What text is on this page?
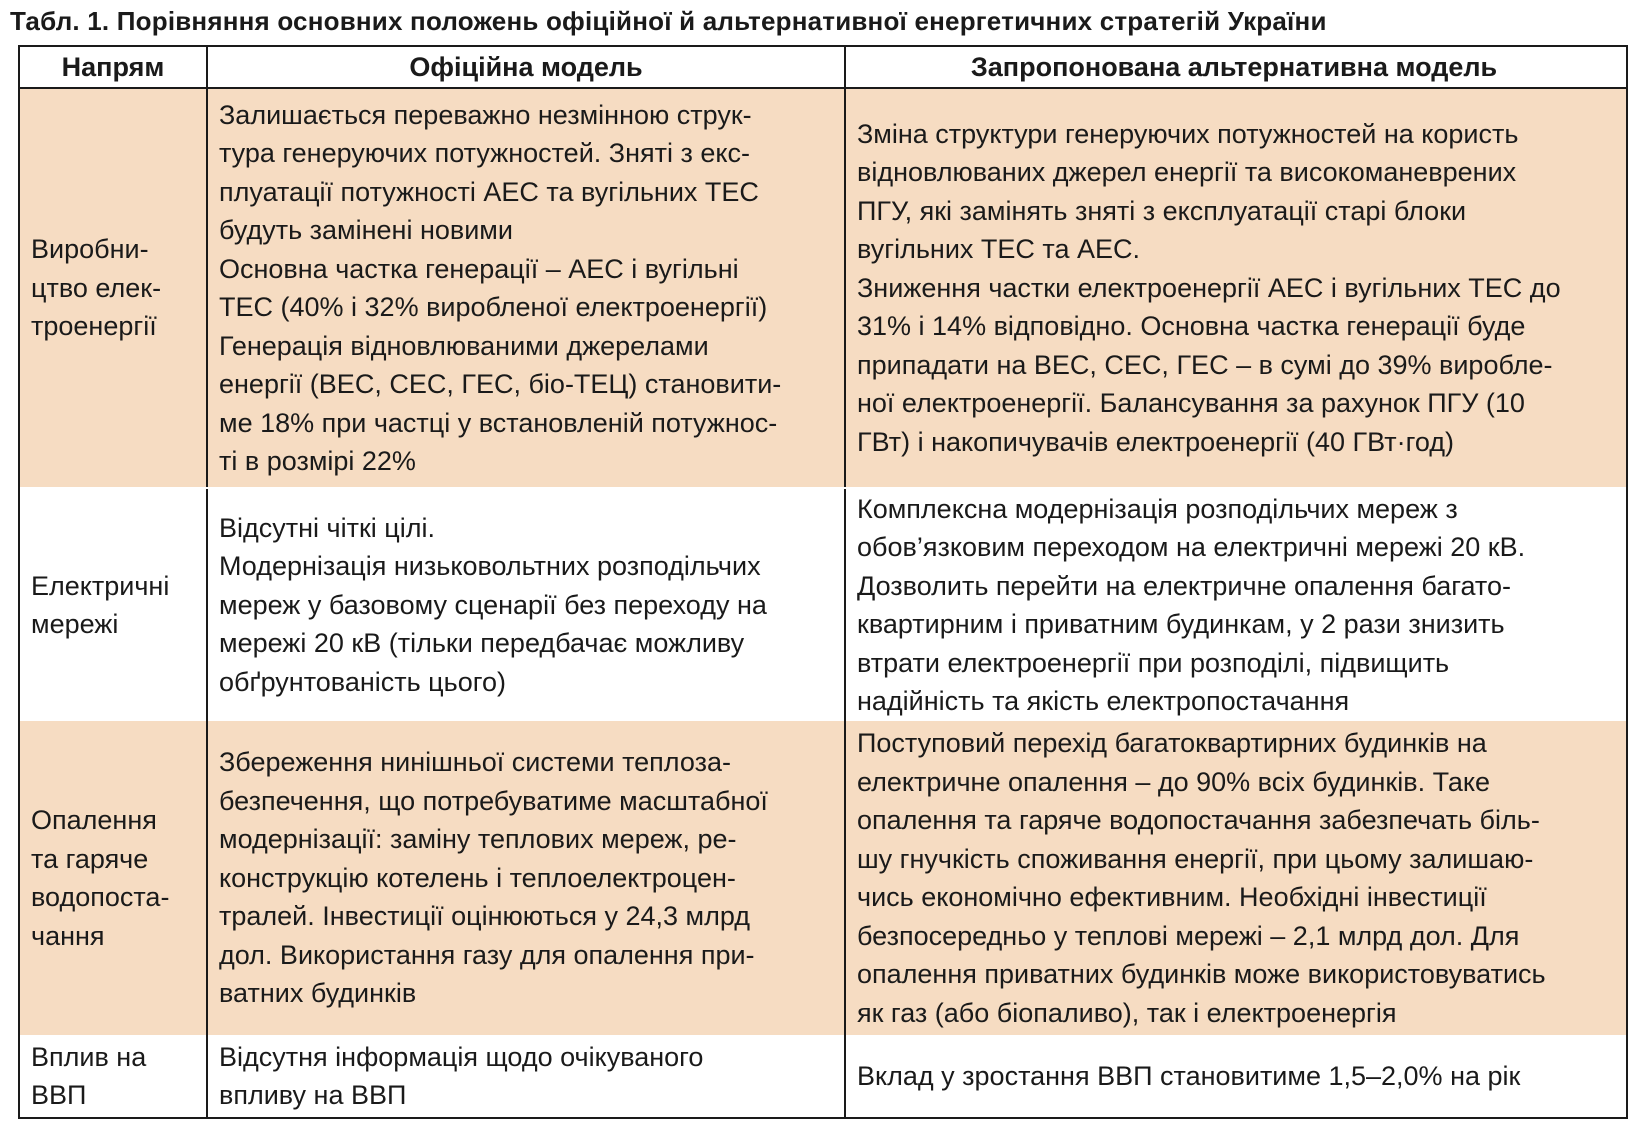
Табл. 1. Порівняння основних положень офіційної й альтернативної енергетичних стратегій України
Напрям	Офіційна модель	Запропонована альтернативна модель
Виробни-
цтво елек-
троенергії
Залишається переважно незмінною струк-
тура генеруючих потужностей. Зняті з екс-
плуатації потужності АЕС та вугільних ТЕС
будуть замінені новими
Основна частка генерації – АЕС і вугільні
ТЕС (40% і 32% виробленої електроенергії)
Генерація відновлюваними джерелами
енергії (ВЕС, СЕС, ГЕС, біо-ТЕЦ) становити-
ме 18% при частці у встановленій потужнос-
ті в розмірі 22%
Зміна структури генеруючих потужностей на користь
відновлюваних джерел енергії та високоманеврених
ПГУ, які замінять зняті з експлуатації старі блоки
вугільних ТЕС та АЕС.
Зниження частки електроенергії АЕС і вугільних ТЕС до
31% і 14% відповідно. Основна частка генерації буде
припадати на ВЕС, СЕС, ГЕС – в сумі до 39% виробле-
ної електроенергії. Балансування за рахунок ПГУ (10
ГВт) і накопичувачів електроенергії (40 ГВт·год)
Електричні
мережі
Відсутні чіткі цілі.
Модернізація низьковольтних розподільчих
мереж у базовому сценарії без переходу на
мережі 20 кВ (тільки передбачає можливу
обґрунтованість цього)
Комплексна модернізація розподільчих мереж з
обов’язковим переходом на електричні мережі 20 кВ.
Дозволить перейти на електричне опалення багато-
квартирним і приватним будинкам, у 2 рази знизить
втрати електроенергії при розподілі, підвищить
надійність та якість електропостачання
Опалення
та гаряче
водопоста-
чання
Збереження нинішньої системи теплоза-
безпечення, що потребуватиме масштабної
модернізації: заміну теплових мереж, ре-
конструкцію котелень і теплоелектроцен-
тралей. Інвестиції оцінюються у 24,3 млрд
дол. Використання газу для опалення при-
ватних будинків
Поступовий перехід багатоквартирних будинків на
електричне опалення – до 90% всіх будинків. Таке
опалення та гаряче водопостачання забезпечать біль-
шу гнучкість споживання енергії, при цьому залишаю-
чись економічно ефективним. Необхідні інвестиції
безпосередньо у теплові мережі – 2,1 млрд дол. Для
опалення приватних будинків може використовуватись
як газ (або біопаливо), так і електроенергія
Вплив на
ВВП
Відсутня інформація щодо очікуваного
впливу на ВВП
Вклад у зростання ВВП становитиме 1,5–2,0% на рік
